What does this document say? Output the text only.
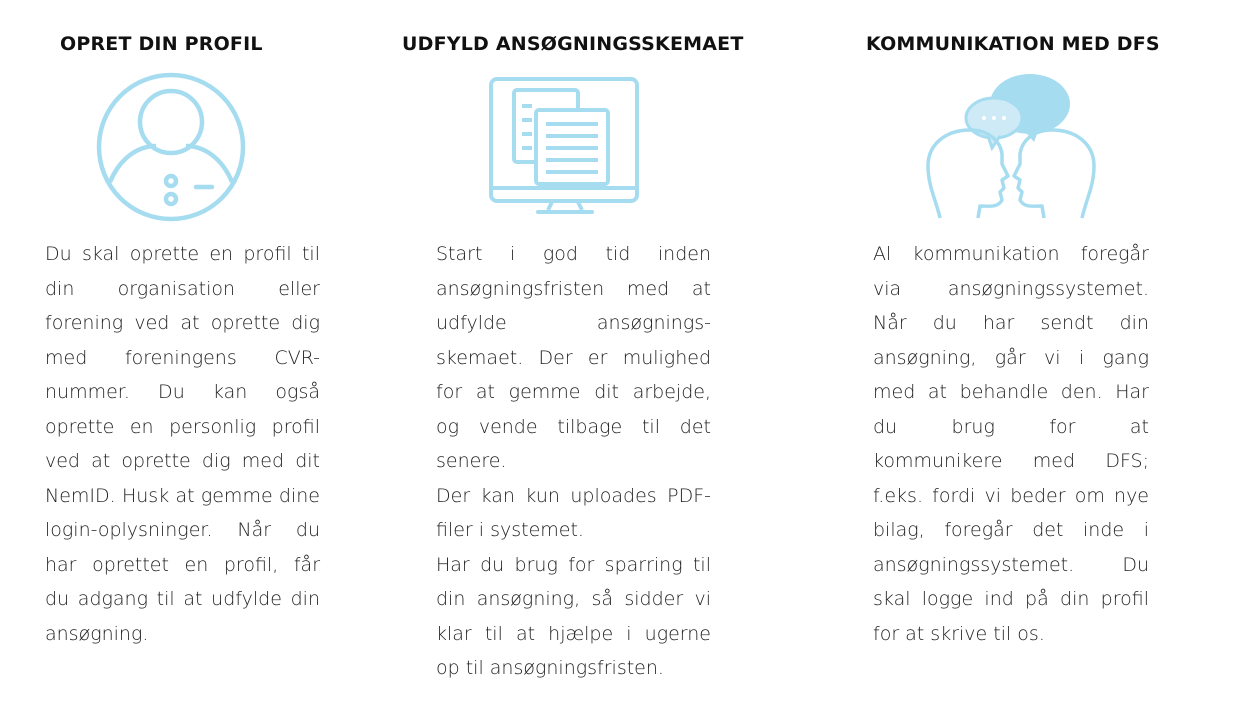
OPRET DIN PROFIL
Du skal oprette en profil til
din organisation eller
forening ved at oprette dig
med foreningens CVR-
nummer. Du kan også
oprette en personlig profil
ved at oprette dig med dit
NemID. Husk at gemme dine
login-oplysninger. Når du
har oprettet en profil, får
du adgang til at udfylde din
ansøgning.
UDFYLD ANSØGNINGSSKEMAET
Start i god tid inden
ansøgningsfristen med at
udfylde ansøgnings-
skemaet. Der er mulighed
for at gemme dit arbejde,
og vende tilbage til det
senere.
Der kan kun uploades PDF-
filer i systemet.
Har du brug for sparring til
din ansøgning, så sidder vi
klar til at hjælpe i ugerne
op til ansøgningsfristen.
KOMMUNIKATION MED DFS
Al kommunikation foregår
via ansøgningssystemet.
Når du har sendt din
ansøgning, går vi i gang
med at behandle den. Har
du brug for at
kommunikere med DFS;
f.eks. fordi vi beder om nye
bilag, foregår det inde i
ansøgningssystemet. Du
skal logge ind på din profil
for at skrive til os.
